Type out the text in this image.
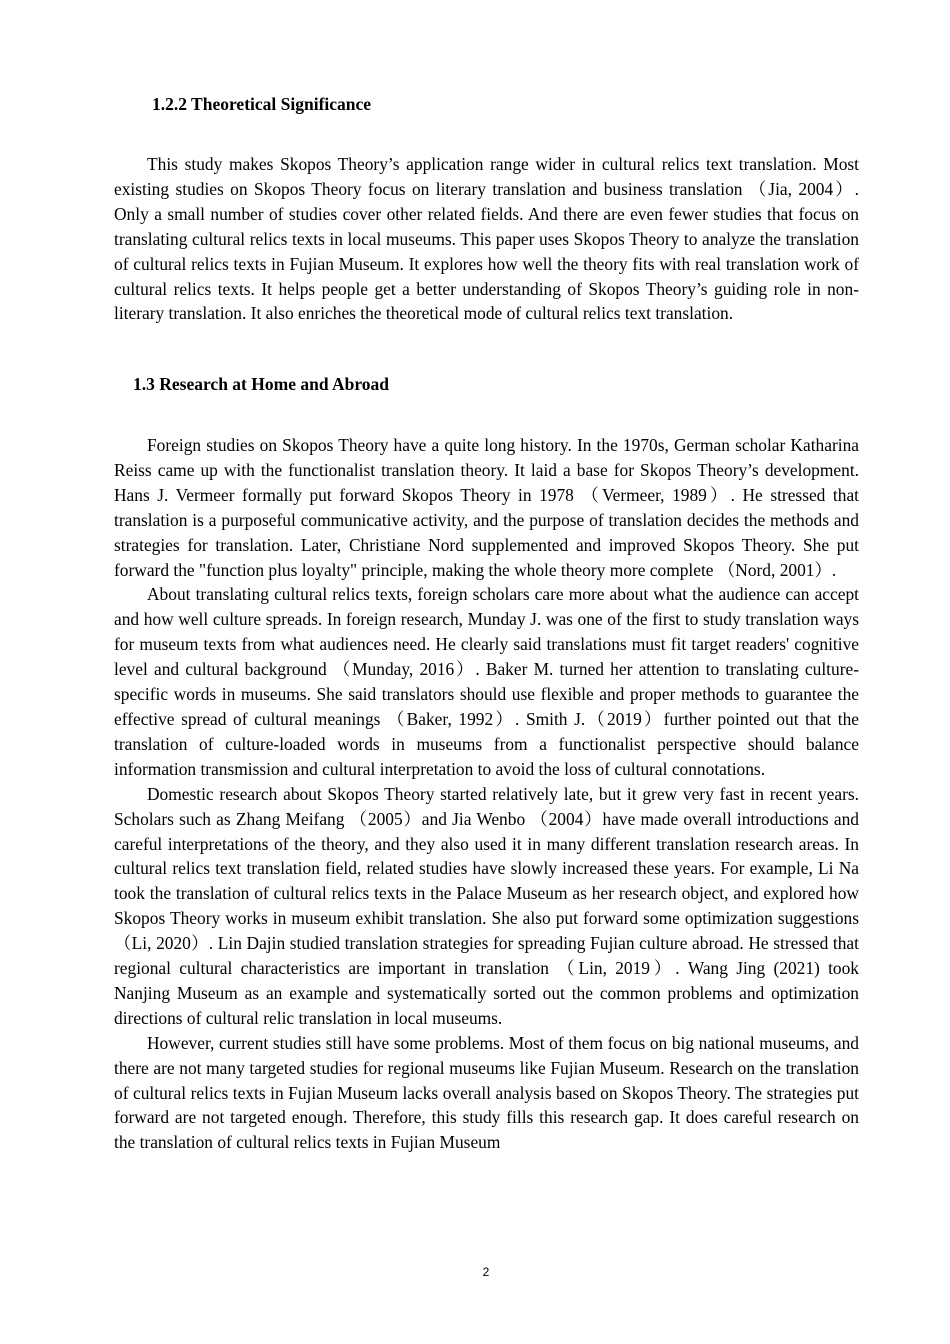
1.2.2 Theoretical Significance

This study makes Skopos Theory’s application range wider in cultural relics text translation. Most existing studies on Skopos Theory focus on literary translation and business translation （Jia, 2004）. Only a small number of studies cover other related fields. And there are even fewer studies that focus on translating cultural relics texts in local museums. This paper uses Skopos Theory to analyze the translation of cultural relics texts in Fujian Museum. It explores how well the theory fits with real translation work of cultural relics texts. It helps people get a better understanding of Skopos Theory’s guiding role in non-literary translation. It also enriches the theoretical mode of cultural relics text translation.

1.3 Research at Home and Abroad

Foreign studies on Skopos Theory have a quite long history. In the 1970s, German scholar Katharina Reiss came up with the functionalist translation theory. It laid a base for Skopos Theory’s development. Hans J. Vermeer formally put forward Skopos Theory in 1978 （Vermeer, 1989）. He stressed that translation is a purposeful communicative activity, and the purpose of translation decides the methods and strategies for translation. Later, Christiane Nord supplemented and improved Skopos Theory. She put forward the "function plus loyalty" principle, making the whole theory more complete （Nord, 2001）.

About translating cultural relics texts, foreign scholars care more about what the audience can accept and how well culture spreads. In foreign research, Munday J. was one of the first to study translation ways for museum texts from what audiences need. He clearly said translations must fit target readers' cognitive level and cultural background （Munday, 2016）. Baker M. turned her attention to translating culture-specific words in museums. She said translators should use flexible and proper methods to guarantee the effective spread of cultural meanings （Baker, 1992）. Smith J.（2019）further pointed out that the translation of culture-loaded words in museums from a functionalist perspective should balance information transmission and cultural interpretation to avoid the loss of cultural connotations.

Domestic research about Skopos Theory started relatively late, but it grew very fast in recent years. Scholars such as Zhang Meifang （2005）and Jia Wenbo （2004）have made overall introductions and careful interpretations of the theory, and they also used it in many different translation research areas. In cultural relics text translation field, related studies have slowly increased these years. For example, Li Na took the translation of cultural relics texts in the Palace Museum as her research object, and explored how Skopos Theory works in museum exhibit translation. She also put forward some optimization suggestions （Li, 2020）. Lin Dajin studied translation strategies for spreading Fujian culture abroad. He stressed that regional cultural characteristics are important in translation （Lin, 2019）. Wang Jing (2021) took Nanjing Museum as an example and systematically sorted out the common problems and optimization directions of cultural relic translation in local museums.

However, current studies still have some problems. Most of them focus on big national museums, and there are not many targeted studies for regional museums like Fujian Museum. Research on the translation of cultural relics texts in Fujian Museum lacks overall analysis based on Skopos Theory. The strategies put forward are not targeted enough. Therefore, this study fills this research gap. It does careful research on the translation of cultural relics texts in Fujian Museum

2
